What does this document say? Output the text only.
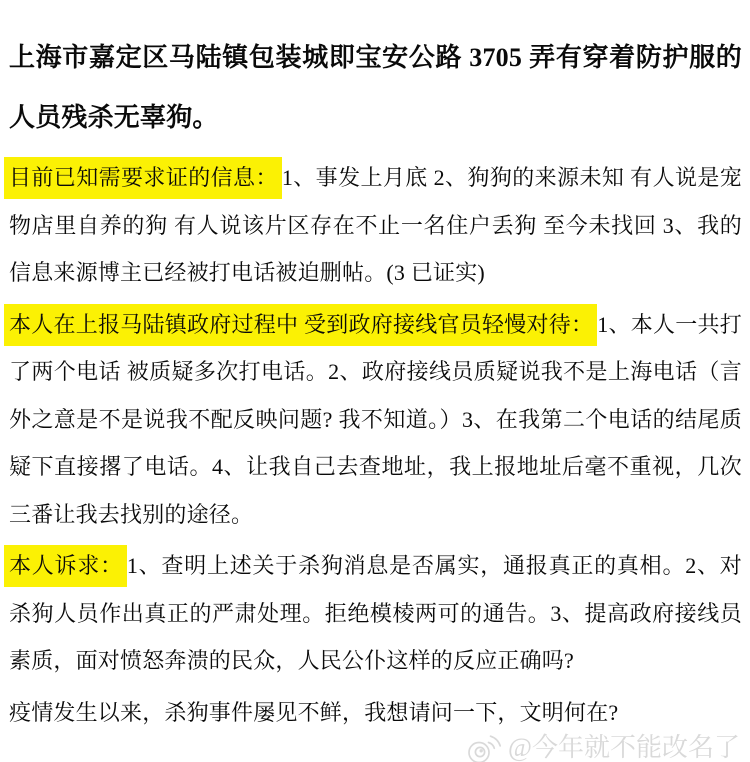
上海市嘉定区马陆镇包装城即宝安公路 3705 弄有穿着防护服的人员残杀无辜狗。

目前已知需要求证的信息： 1、事发上月底 2、狗狗的来源未知 有人说是宠物店里自养的狗 有人说该片区存在不止一名住户丢狗 至今未找回 3、我的信息来源博主已经被打电话被迫删帖。(3 已证实)

本人在上报马陆镇政府过程中 受到政府接线官员轻慢对待： 1、本人一共打了两个电话 被质疑多次打电话。2、政府接线员质疑说我不是上海电话（言外之意是不是说我不配反映问题? 我不知道。）3、在我第二个电话的结尾质疑下直接撂了电话。4、让我自己去查地址，我上报地址后毫不重视，几次三番让我去找别的途径。

本人诉求： 1、查明上述关于杀狗消息是否属实，通报真正的真相。2、对杀狗人员作出真正的严肃处理。拒绝模棱两可的通告。3、提高政府接线员素质，面对愤怒奔溃的民众，人民公仆这样的反应正确吗?

疫情发生以来，杀狗事件屡见不鲜，我想请问一下，文明何在?

@今年就不能改名了
